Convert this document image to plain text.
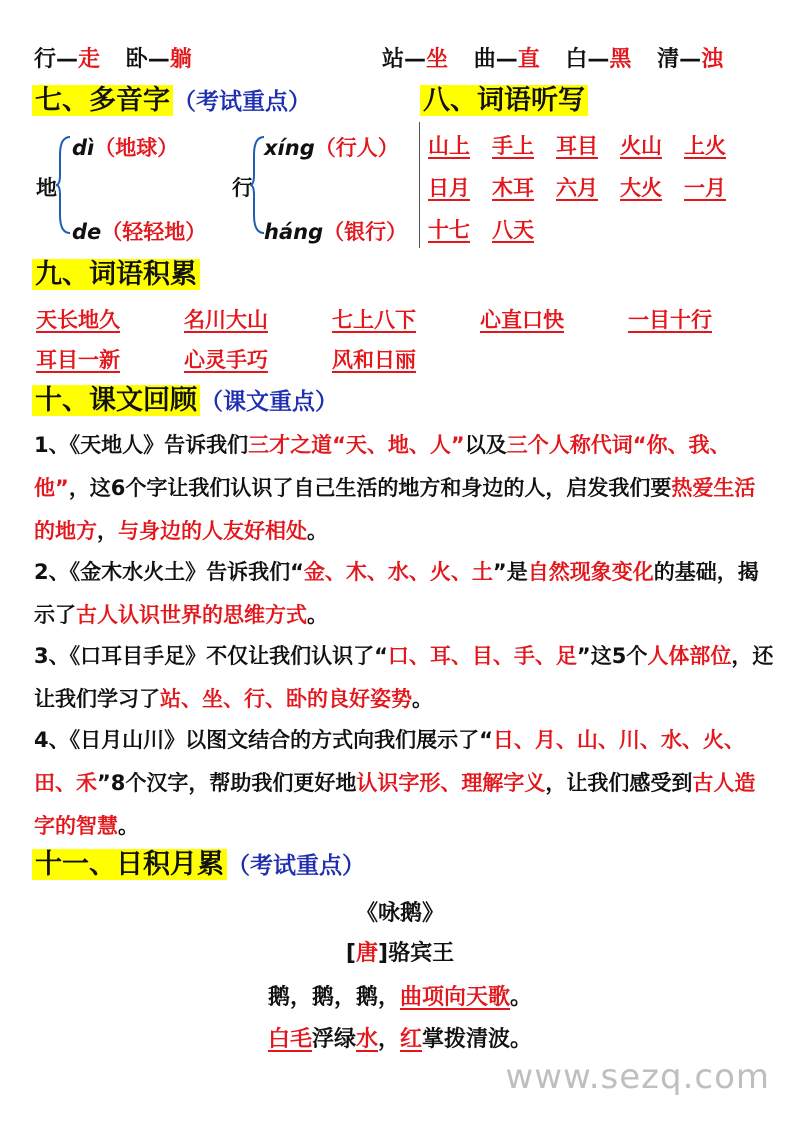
行—走 卧—躺	站—坐 曲—直 白—黑 清—浊
七、多音字 （考试重点）	八、词语听写
地
dì（地球）
de（轻轻地）
行
xíng（行人）
háng（银行）
山上 手上 耳目 火山 上火
日月 木耳 六月 大火 一月
十七 八天
九、词语积累
天长地久	名川大山	七上八下	心直口快	一目十行
耳目一新	心灵手巧	风和日丽
十、课文回顾 （课文重点）
1、《天地人》告诉我们三才之道“天、地、人”以及三个人称代词“你、我、他”，这6个字让我们认识了自己生活的地方和身边的人，启发我们要热爱生活的地方，与身边的人友好相处。
2、《金木水火土》告诉我们“金、木、水、火、土”是自然现象变化的基础，揭示了古人认识世界的思维方式。
3、《口耳目手足》不仅让我们认识了“口、耳、目、手、足”这5个人体部位，还让我们学习了站、坐、行、卧的良好姿势。
4、《日月山川》以图文结合的方式向我们展示了“日、月、山、川、水、火、田、禾”8个汉字，帮助我们更好地认识字形、理解字义，让我们感受到古人造字的智慧。
十一、日积月累 （考试重点）
《咏鹅》
[唐]骆宾王
鹅，鹅，鹅，曲项向天歌。
白毛浮绿水，红掌拨清波。
www.sezq.com
